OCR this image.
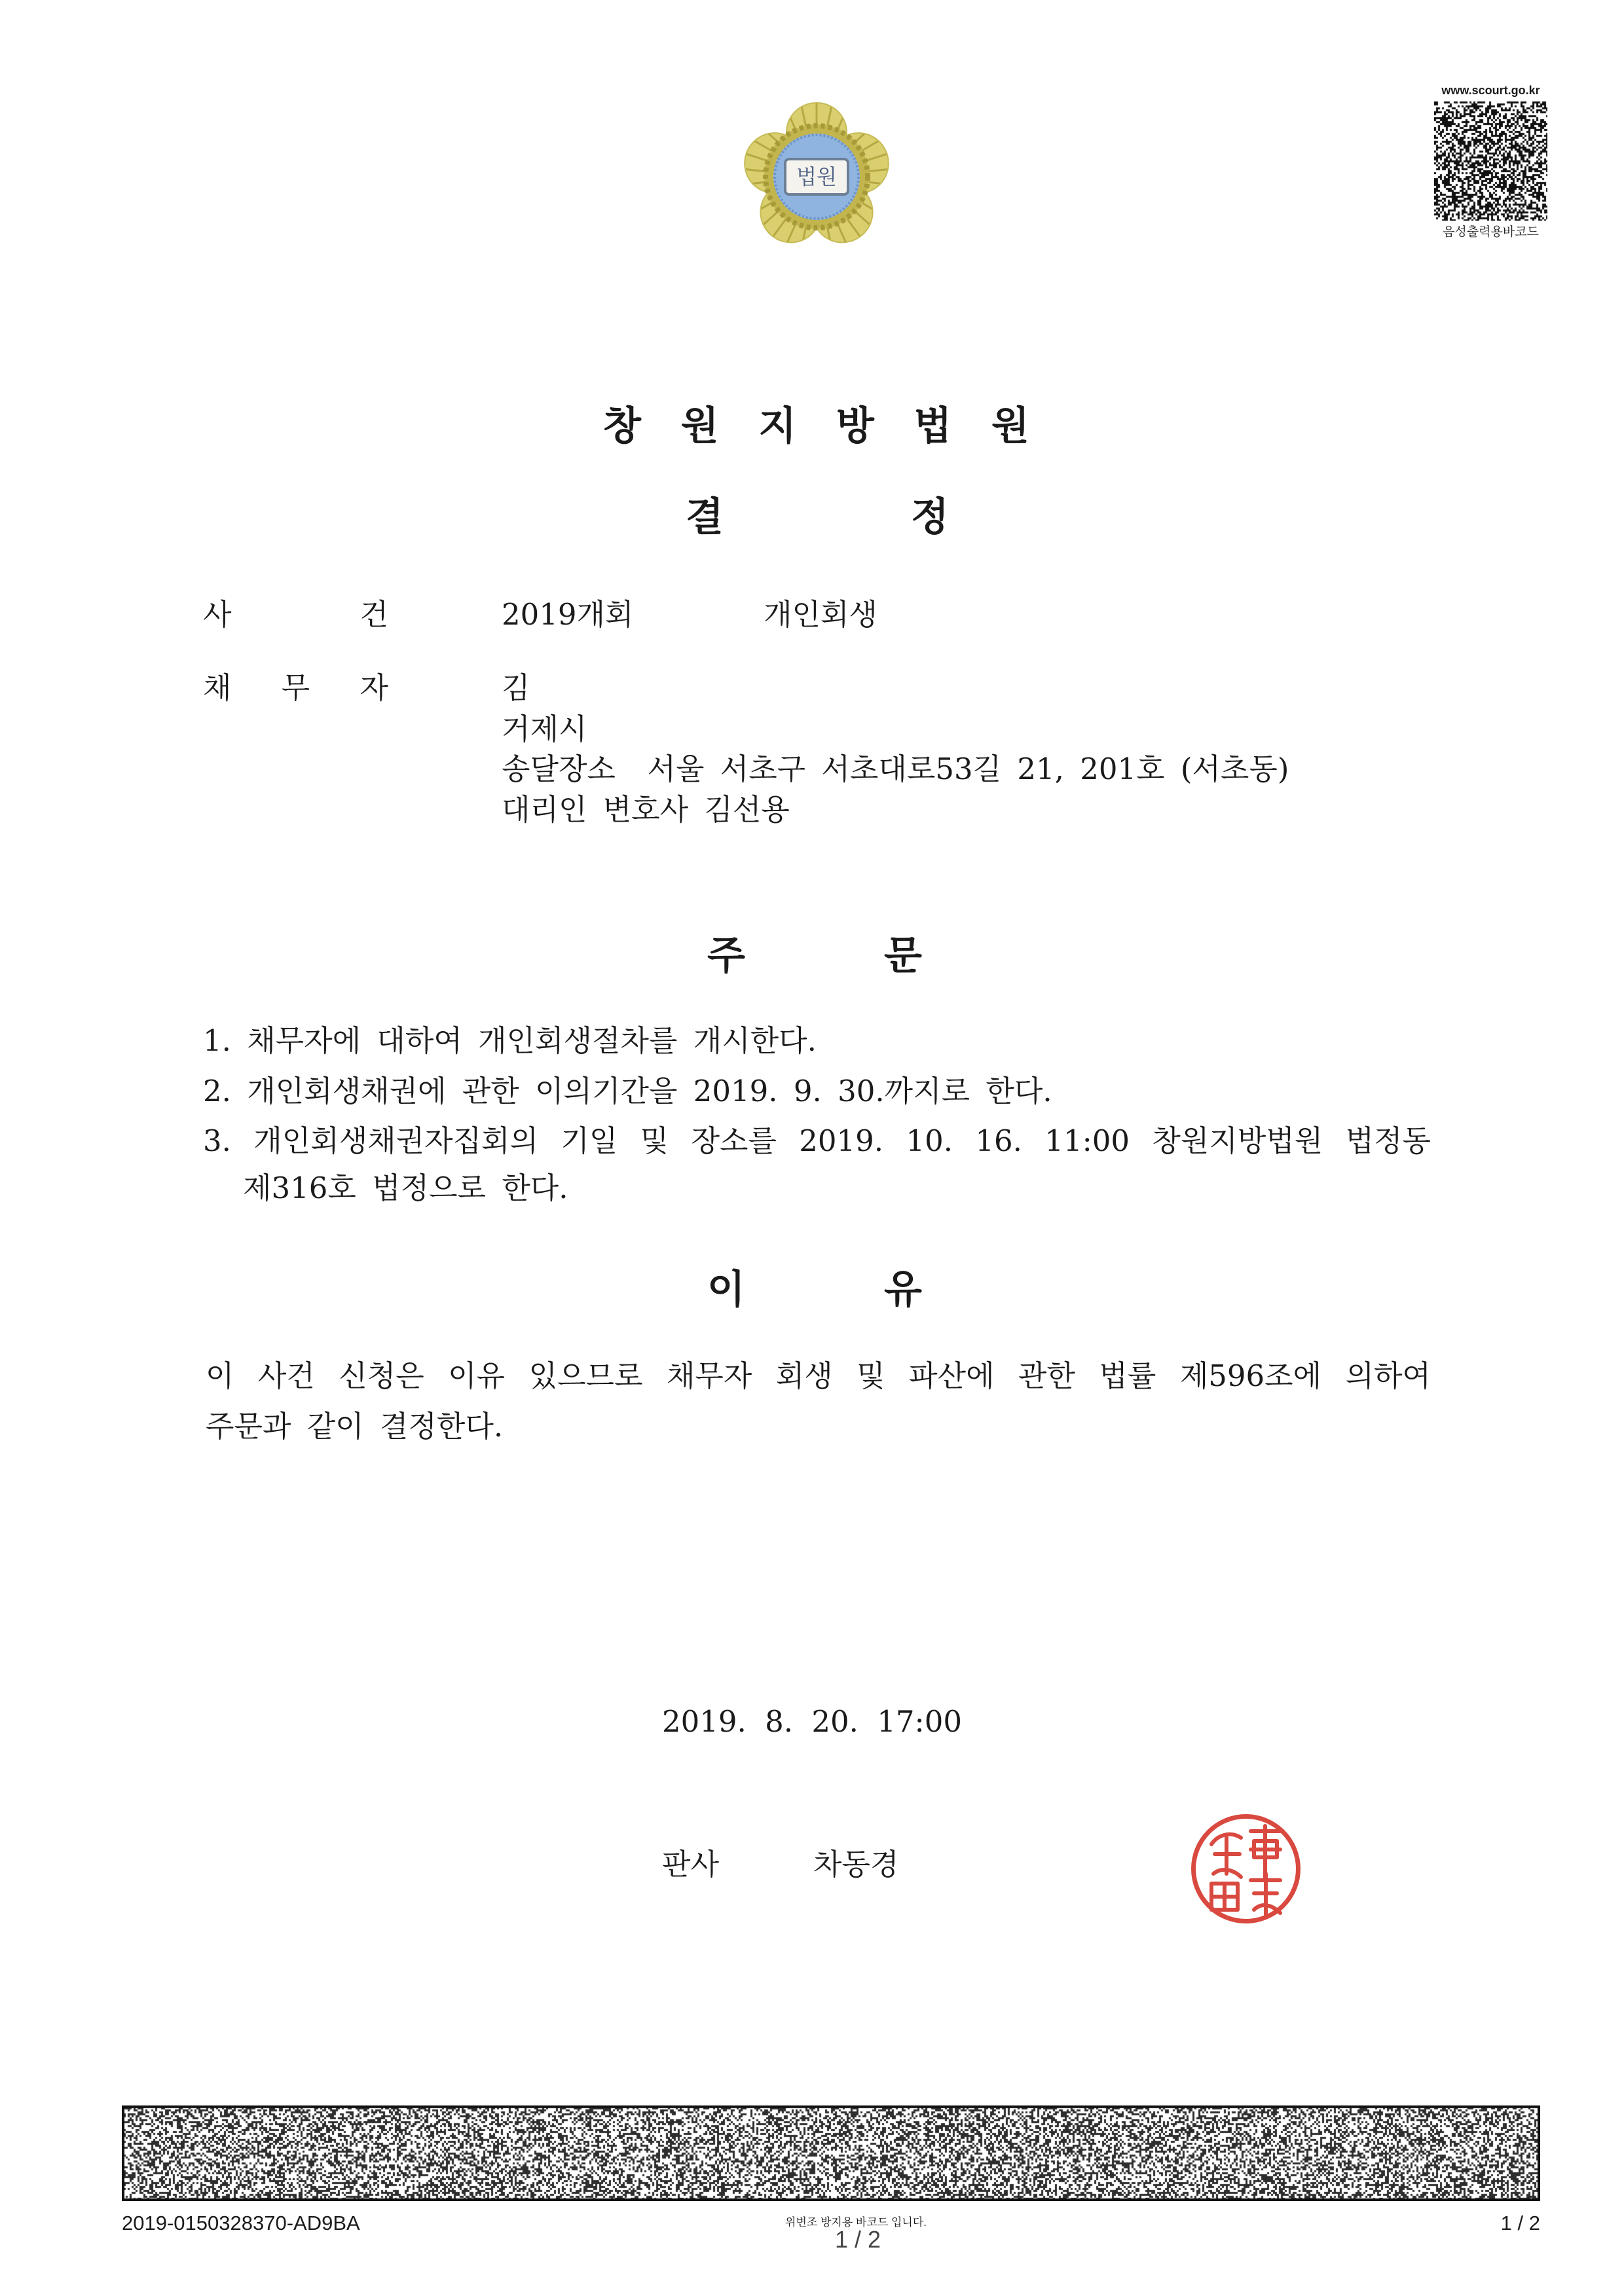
법원
www.scourt.go.kr
음성출력용바코드
창 원 지 방 법 원
결 정
사 건	2019개회	개인회생
채 무 자	김
거제시
송달장소  서울 서초구 서초대로53길 21, 201호 (서초동)
대리인 변호사 김선용
주 문
1. 채무자에 대하여 개인회생절차를 개시한다.
2. 개인회생채권에 관한 이의기간을 2019. 9. 30.까지로 한다.
3. 개인회생채권자집회의 기일 및 장소를 2019. 10. 16. 11:00 창원지방법원 법정동
제316호 법정으로 한다.
이 유
이 사건 신청은 이유 있으므로 채무자 회생 및 파산에 관한 법률 제596조에 의하여
주문과 같이 결정한다.
2019. 8. 20. 17:00
판사	차동경
2019-0150328370-AD9BA	위변조 방지용 바코드 입니다.
1 / 2
1 / 2
